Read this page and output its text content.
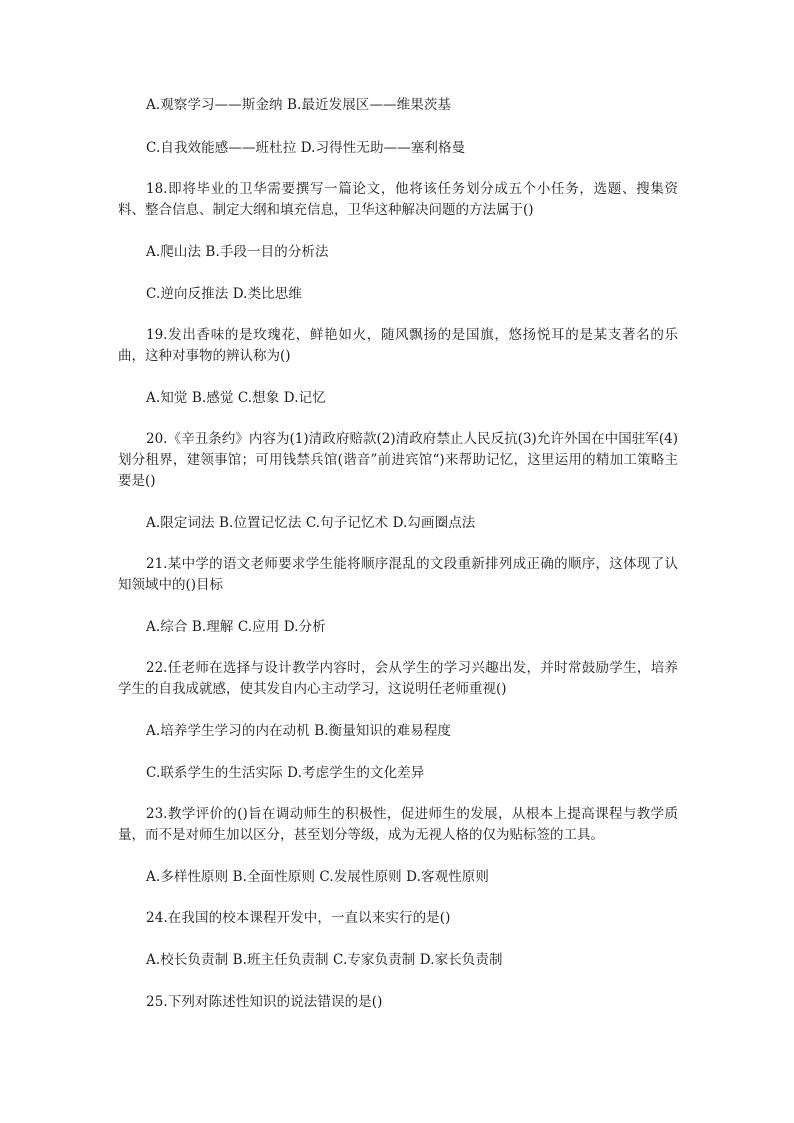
A.观察学习——斯金纳 B.最近发展区——维果茨基
C.自我效能感——班杜拉 D.习得性无助——塞利格曼
18.即将毕业的卫华需要撰写一篇论文，他将该任务划分成五个小任务，选题、搜集资料、整合信息、制定大纲和填充信息，卫华这种解决问题的方法属于()
A.爬山法 B.手段一目的分析法
C.逆向反推法 D.类比思维
19.发出香味的是玫瑰花，鲜艳如火，随风飘扬的是国旗，悠扬悦耳的是某支著名的乐曲，这种对事物的辨认称为()
A.知觉 B.感觉 C.想象 D.记忆
20.《辛丑条约》内容为(1)清政府赔款(2)清政府禁止人民反抗(3)允许外国在中国驻军(4)划分租界，建领事馆；可用钱禁兵馆(谐音”前进宾馆“)来帮助记忆，这里运用的精加工策略主要是()
A.限定词法 B.位置记忆法 C.句子记忆术 D.勾画圈点法
21.某中学的语文老师要求学生能将顺序混乱的文段重新排列成正确的顺序，这体现了认知领域中的()目标
A.综合 B.理解 C.应用 D.分析
22.任老师在选择与设计教学内容时，会从学生的学习兴趣出发，并时常鼓励学生，培养学生的自我成就感，使其发自内心主动学习，这说明任老师重视()
A.培养学生学习的内在动机 B.衡量知识的难易程度
C.联系学生的生活实际 D.考虑学生的文化差异
23.教学评价的()旨在调动师生的积极性，促进师生的发展，从根本上提高课程与教学质量，而不是对师生加以区分，甚至划分等级，成为无视人格的仅为贴标签的工具。
A.多样性原则 B.全面性原则 C.发展性原则 D.客观性原则
24.在我国的校本课程开发中，一直以来实行的是()
A.校长负责制 B.班主任负责制 C.专家负责制 D.家长负责制
25.下列对陈述性知识的说法错误的是()
